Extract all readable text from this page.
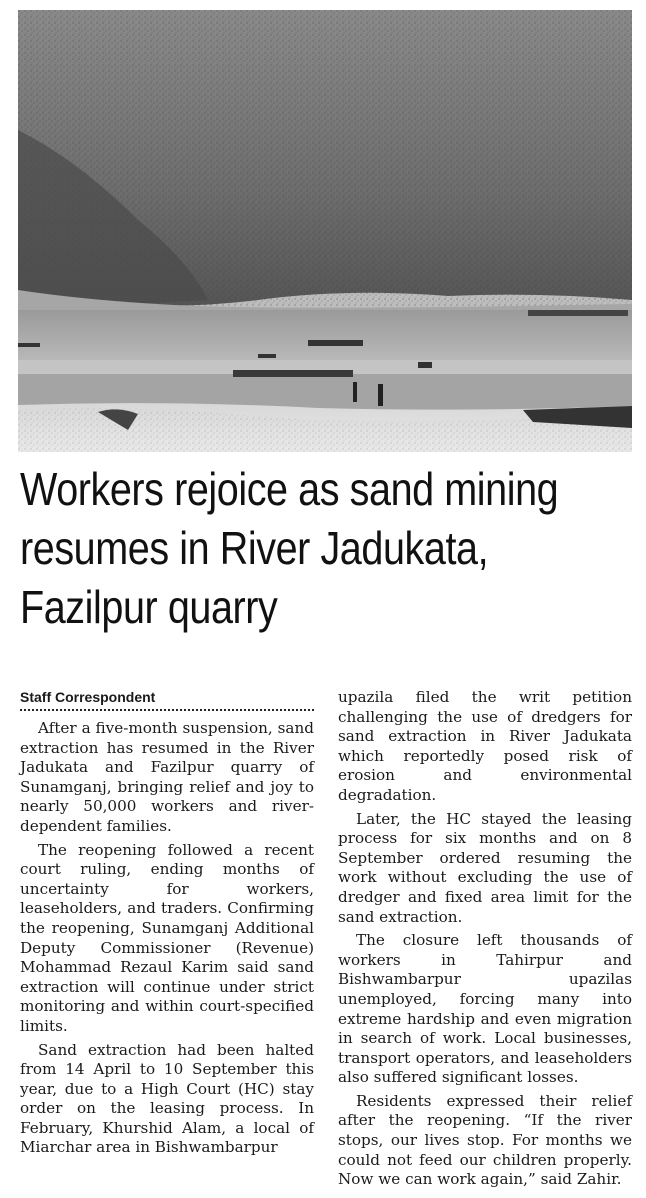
Workers rejoice as sand mining resumes in River Jadukata, Fazilpur quarry
Staff Correspondent

After a five-month suspension, sand extraction has resumed in the River Jadukata and Fazilpur quarry of Sunamganj, bringing relief and joy to nearly 50,000 workers and river-dependent families.

The reopening followed a recent court ruling, ending months of uncertainty for workers, leaseholders, and traders. Confirming the reopening, Sunamganj Additional Deputy Commissioner (Revenue) Mohammad Rezaul Karim said sand extraction will continue under strict monitoring and within court-specified limits.

Sand extraction had been halted from 14 April to 10 September this year, due to a High Court (HC) stay order on the leasing process. In February, Khurshid Alam, a local of Miarchar area in Bishwambarpur

upazila filed the writ petition challenging the use of dredgers for sand extraction in River Jadukata which reportedly posed risk of erosion and environmental degradation.

Later, the HC stayed the leasing process for six months and on 8 September ordered resuming the work without excluding the use of dredger and fixed area limit for the sand extraction.

The closure left thousands of workers in Tahirpur and Bishwambarpur upazilas unemployed, forcing many into extreme hardship and even migration in search of work. Local businesses, transport operators, and leaseholders also suffered significant losses.

Residents expressed their relief after the reopening. “If the river stops, our lives stop. For months we could not feed our children properly. Now we can work again,” said Zahir.
